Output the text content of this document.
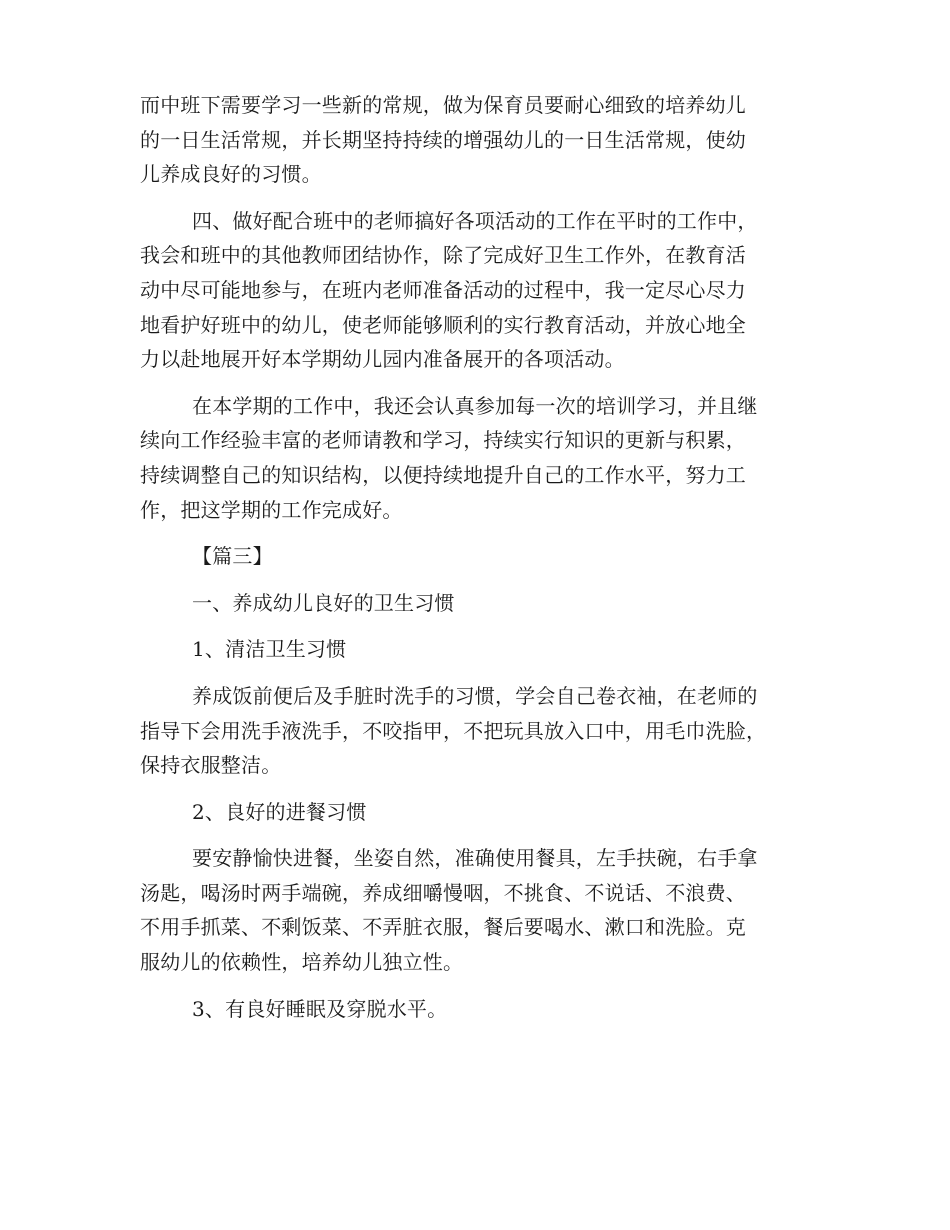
而中班下需要学习一些新的常规，做为保育员要耐心细致的培养幼儿
的一日生活常规，并长期坚持持续的增强幼儿的一日生活常规，使幼
儿养成良好的习惯。

四、做好配合班中的老师搞好各项活动的工作在平时的工作中，
我会和班中的其他教师团结协作，除了完成好卫生工作外，在教育活
动中尽可能地参与，在班内老师准备活动的过程中，我一定尽心尽力
地看护好班中的幼儿，使老师能够顺利的实行教育活动，并放心地全
力以赴地展开好本学期幼儿园内准备展开的各项活动。

在本学期的工作中，我还会认真参加每一次的培训学习，并且继
续向工作经验丰富的老师请教和学习，持续实行知识的更新与积累，
持续调整自己的知识结构，以便持续地提升自己的工作水平，努力工
作，把这学期的工作完成好。

【篇三】

一、养成幼儿良好的卫生习惯

1、清洁卫生习惯

养成饭前便后及手脏时洗手的习惯，学会自己卷衣袖，在老师的
指导下会用洗手液洗手，不咬指甲，不把玩具放入口中，用毛巾洗脸，
保持衣服整洁。

2、良好的进餐习惯

要安静愉快进餐，坐姿自然，准确使用餐具，左手扶碗，右手拿
汤匙，喝汤时两手端碗，养成细嚼慢咽，不挑食、不说话、不浪费、
不用手抓菜、不剩饭菜、不弄脏衣服，餐后要喝水、漱口和洗脸。克
服幼儿的依赖性，培养幼儿独立性。

3、有良好睡眠及穿脱水平。
